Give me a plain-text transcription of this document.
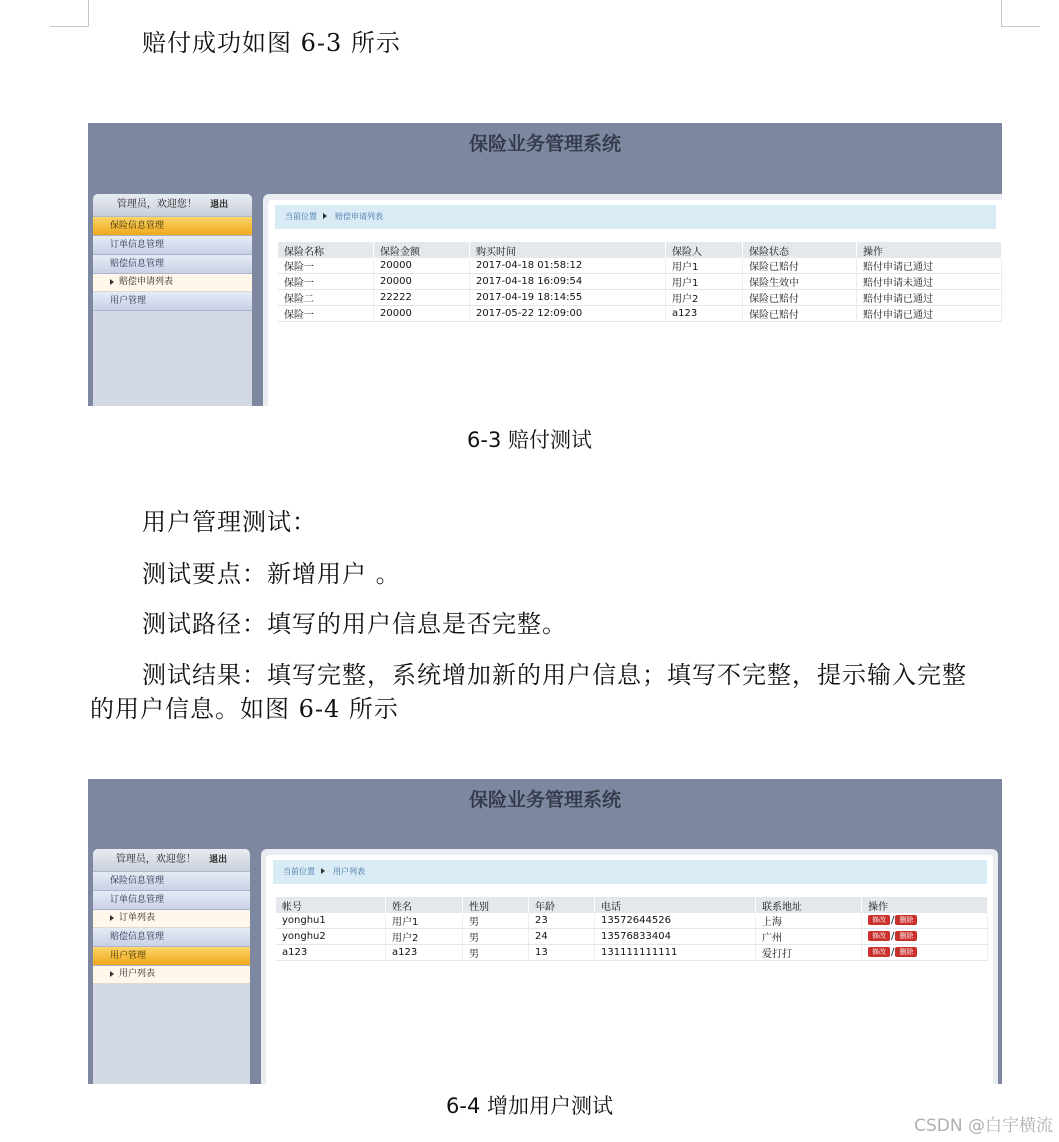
赔付成功如图 6-3 所示
保险业务管理系统
管理员，欢迎您！ 退出
保险信息管理
订单信息管理
赔偿信息管理
赔偿申请列表
用户管理
当前位置 赔偿申请列表
保险名称	保险金额	购买时间	保险人	保险状态	操作
保险一	20000	2017-04-18 01:58:12	用户1	保险已赔付	赔付申请已通过
保险一	20000	2017-04-18 16:09:54	用户1	保险生效中	赔付申请未通过
保险二	22222	2017-04-19 18:14:55	用户2	保险已赔付	赔付申请已通过
保险一	20000	2017-05-22 12:09:00	a123	保险已赔付	赔付申请已通过
6-3 赔付测试
用户管理测试：
测试要点：新增用户 。
测试路径：填写的用户信息是否完整。
测试结果：填写完整，系统增加新的用户信息；填写不完整，提示输入完整
的用户信息。如图 6-4 所示
保险业务管理系统
管理员，欢迎您！ 退出
保险信息管理
订单信息管理
订单列表
赔偿信息管理
用户管理
用户列表
当前位置 用户列表
帐号	姓名	性别	年龄	电话	联系地址	操作
yonghu1	用户1	男	23	13572644526	上海	修改 / 删除
yonghu2	用户2	男	24	13576833404	广州	修改 / 删除
a123	a123	男	13	131111111111	爱打打	修改 / 删除
6-4 增加用户测试
CSDN @白宇横流
